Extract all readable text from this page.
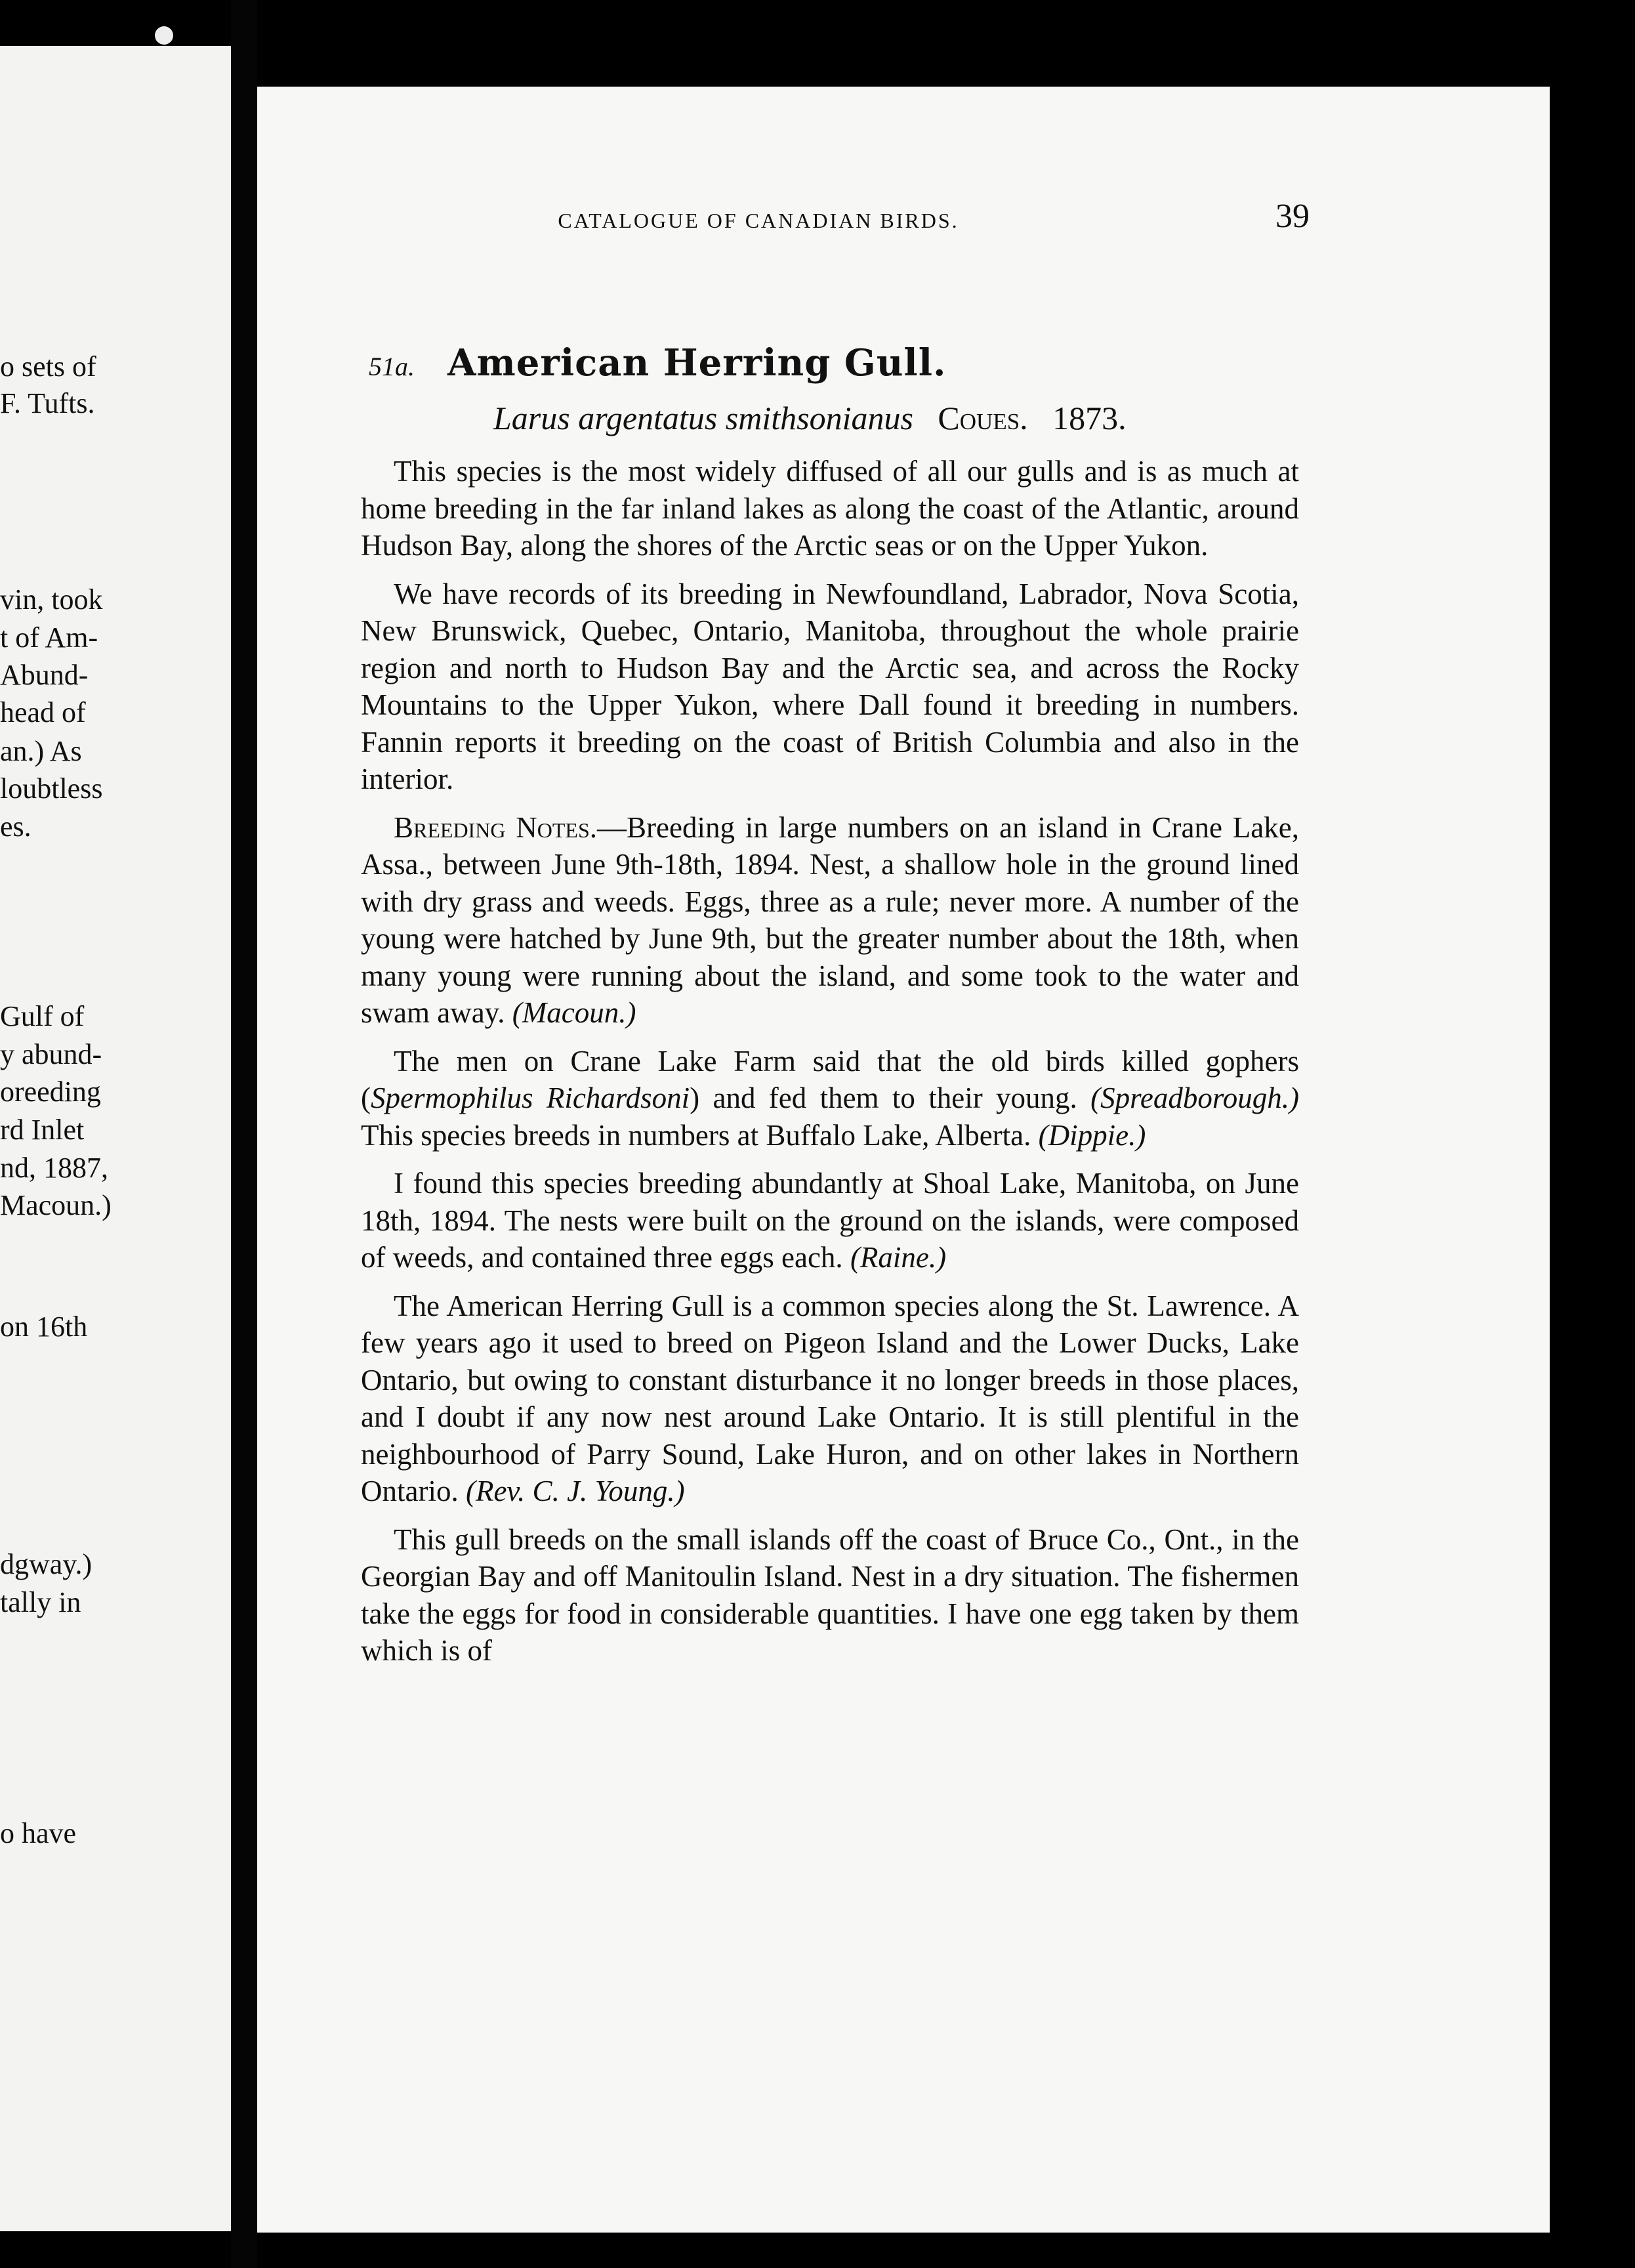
o sets of
F. Tufts.
vin, took
t of Am-
Abund-
head of
an.) As
loubtless
es.
Gulf of
y abund-
oreeding
rd Inlet
nd, 1887,
Macoun.)
on 16th
dgway.)
tally in
o have
CATALOGUE OF CANADIAN BIRDS.	39
51a. American Herring Gull.
Larus argentatus smithsonianus Coues. 1873.

This species is the most widely diffused of all our gulls and is as much at home breeding in the far inland lakes as along the coast of the Atlantic, around Hudson Bay, along the shores of the Arctic seas or on the Upper Yukon.

We have records of its breeding in Newfoundland, Labrador, Nova Scotia, New Brunswick, Quebec, Ontario, Manitoba, throughout the whole prairie region and north to Hudson Bay and the Arctic sea, and across the Rocky Mountains to the Upper Yukon, where Dall found it breeding in numbers. Fannin reports it breeding on the coast of British Columbia and also in the interior.

Breeding Notes.—Breeding in large numbers on an island in Crane Lake, Assa., between June 9th-18th, 1894. Nest, a shallow hole in the ground lined with dry grass and weeds. Eggs, three as a rule; never more. A number of the young were hatched by June 9th, but the greater number about the 18th, when many young were running about the island, and some took to the water and swam away. (Macoun.)

The men on Crane Lake Farm said that the old birds killed gophers (Spermophilus Richardsoni) and fed them to their young. (Spreadborough.) This species breeds in numbers at Buffalo Lake, Alberta. (Dippie.)

I found this species breeding abundantly at Shoal Lake, Manitoba, on June 18th, 1894. The nests were built on the ground on the islands, were composed of weeds, and contained three eggs each. (Raine.)

The American Herring Gull is a common species along the St. Lawrence. A few years ago it used to breed on Pigeon Island and the Lower Ducks, Lake Ontario, but owing to constant disturbance it no longer breeds in those places, and I doubt if any now nest around Lake Ontario. It is still plentiful in the neighbourhood of Parry Sound, Lake Huron, and on other lakes in Northern Ontario. (Rev. C. J. Young.)

This gull breeds on the small islands off the coast of Bruce Co., Ont., in the Georgian Bay and off Manitoulin Island. Nest in a dry situation. The fishermen take the eggs for food in considerable quantities. I have one egg taken by them which is of
